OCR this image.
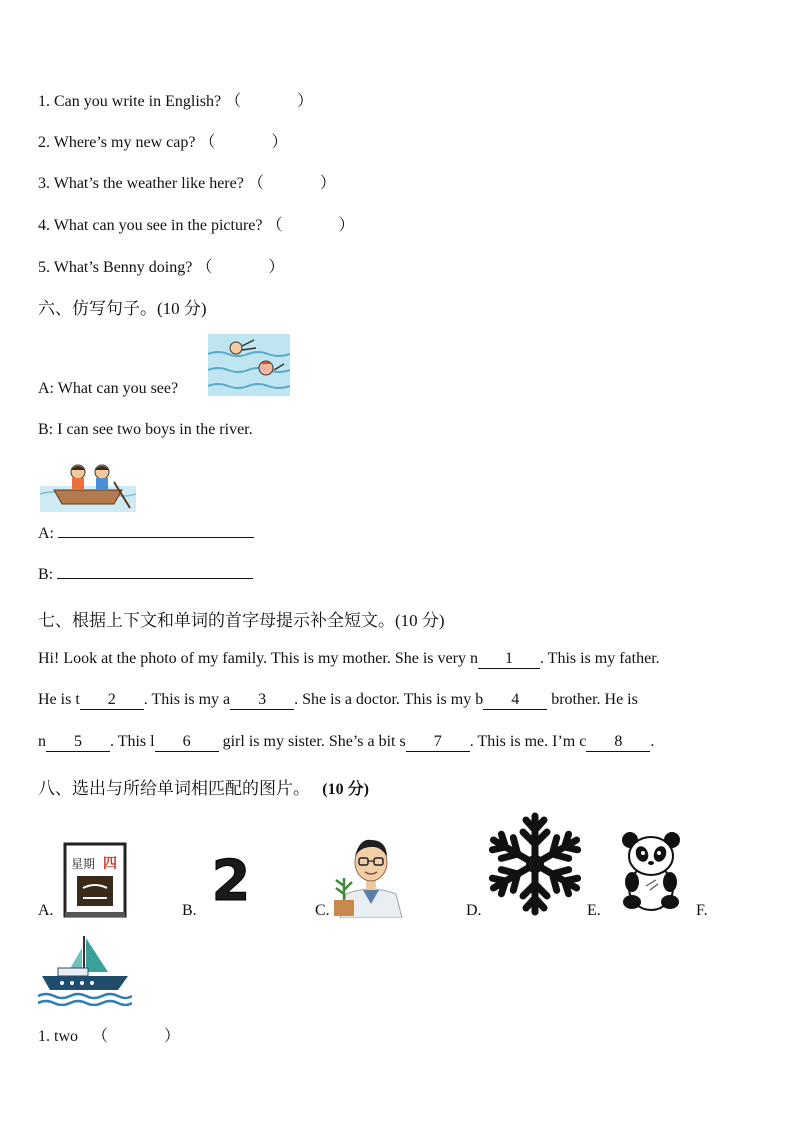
1. Can you write in English? （	）
2. Where’s my new cap? （	）
3. What’s the weather like here? （	）
4. What can you see in the picture? （	）
5. What’s Benny doing? （	）
六、仿写句子。(10 分)
A: What can you see?
B: I can see two boys in the river.
A:
B:
七、根据上下文和单词的首字母提示补全短文。(10 分)
Hi! Look at the photo of my family. This is my mother. She is very n 1 . This is my father.
He is t 2 . This is my a 3 . She is a doctor. This is my b 4 brother. He is
n 5 . This l 6 girl is my sister. She’s a bit s 7 . This is me. I’m c 8 .
八、选出与所给单词相匹配的图片。 (10 分)
星期 四
A.	2
B.	C.	D.	E.	F.
1. two （	）
